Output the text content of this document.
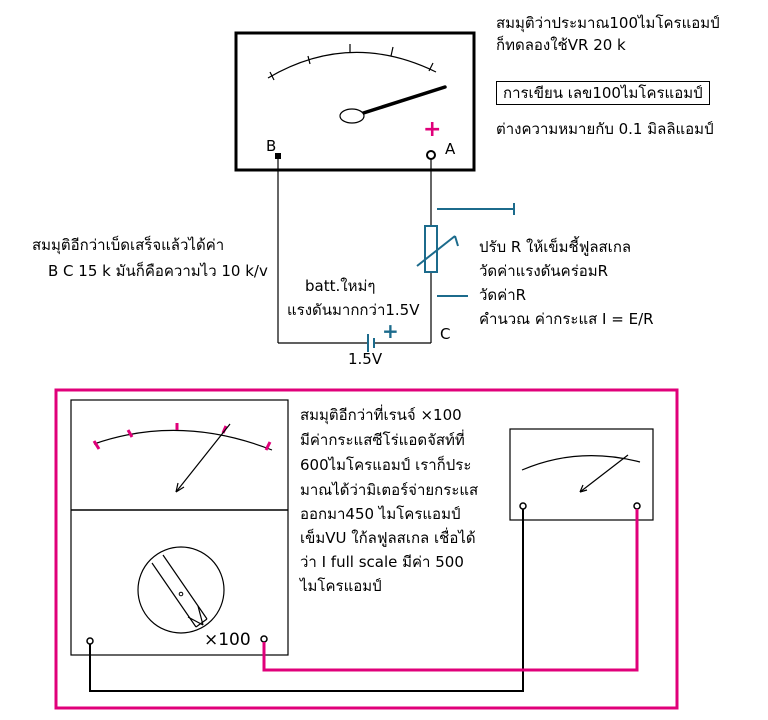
สมมุติว่าประมาณ100ไมโครแอมป์
ก็ทดลองใช้VR 20 k
การเขียน เลข100ไมโครแอมป์
ต่างความหมายกับ 0.1 มิลลิแอมป์
B	A
+
สมมุติอีกว่าเบ็ดเสร็จแล้วได้ค่า
B C 15 k มันก็คือความไว 10 k/v
ปรับ R ให้เข็มชี้ฟูลสเกล
วัดค่าแรงดันคร่อมR
วัดค่าR
คำนวณ ค่ากระแส I = E/R
batt.ใหม่ๆ
แรงดันมากกว่า1.5V
+
1.5V
C
สมมุติอีกว่าที่เรนจ์ ×100
มีค่ากระแสซีโร่แอดจัสท์ที่
600ไมโครแอมป์ เราก็ประ
มาณได้ว่ามิเตอร์จ่ายกระแส
ออกมา450 ไมโครแอมป์
เข็มVU ใก้ลฟูลสเกล เชื่อได้
ว่า I full scale มีค่า 500
ไมโครแอมป์
×100
